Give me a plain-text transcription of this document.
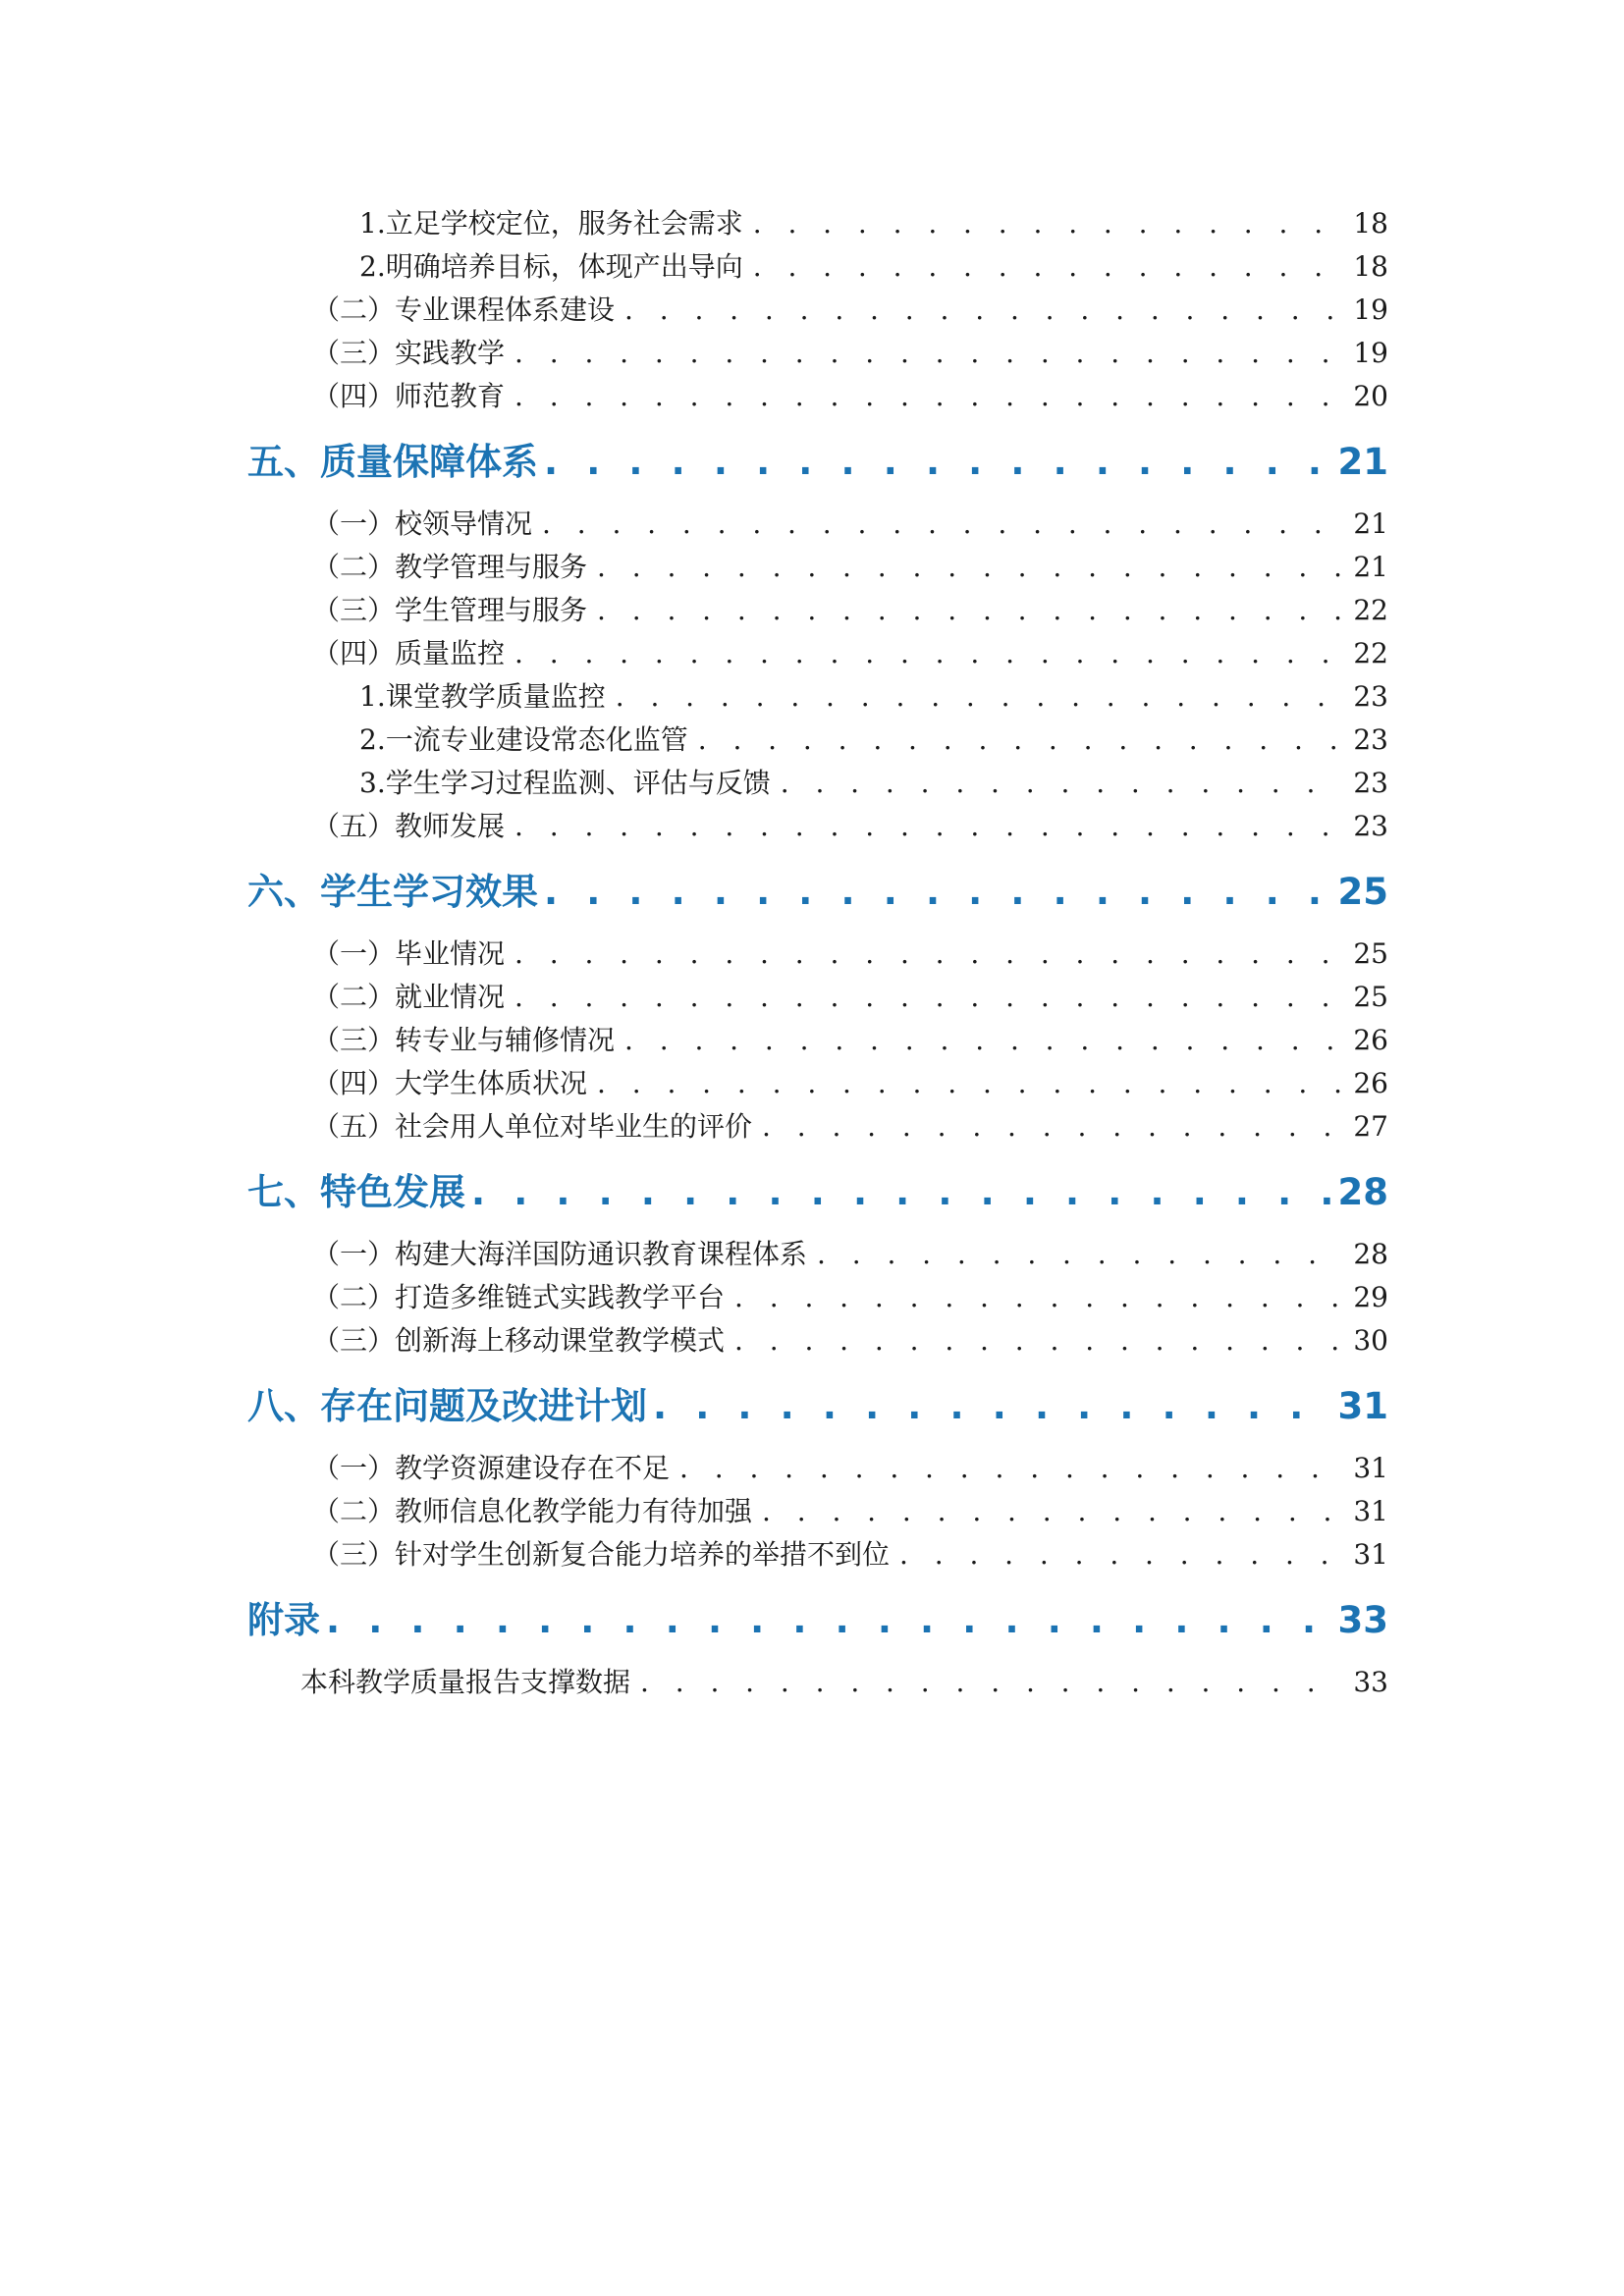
1.立足学校定位，服务社会需求 . . .	18
2.明确培养目标，体现产出导向 . . .	18
（二）专业课程体系建设 . . .	19
（三）实践教学 . . .	19
（四）师范教育 . . .	20
五、质量保障体系 . . .	21
（一）校领导情况 . . .	21
（二）教学管理与服务 . . .	21
（三）学生管理与服务 . . .	22
（四）质量监控 . . .	22
1.课堂教学质量监控 . . .	23
2.一流专业建设常态化监管 . . .	23
3.学生学习过程监测、评估与反馈 . . .	23
（五）教师发展 . . .	23
六、学生学习效果 . . .	25
（一）毕业情况 . . .	25
（二）就业情况 . . .	25
（三）转专业与辅修情况 . . .	26
（四）大学生体质状况 . . .	26
（五）社会用人单位对毕业生的评价 . . .	27
七、特色发展 . . .	28
（一）构建大海洋国防通识教育课程体系 . . .	28
（二）打造多维链式实践教学平台 . . .	29
（三）创新海上移动课堂教学模式 . . .	30
八、存在问题及改进计划 . . .	31
（一）教学资源建设存在不足 . . .	31
（二）教师信息化教学能力有待加强 . . .	31
（三）针对学生创新复合能力培养的举措不到位 . . .	31
附录 . . .	33
本科教学质量报告支撑数据 . . .	33
